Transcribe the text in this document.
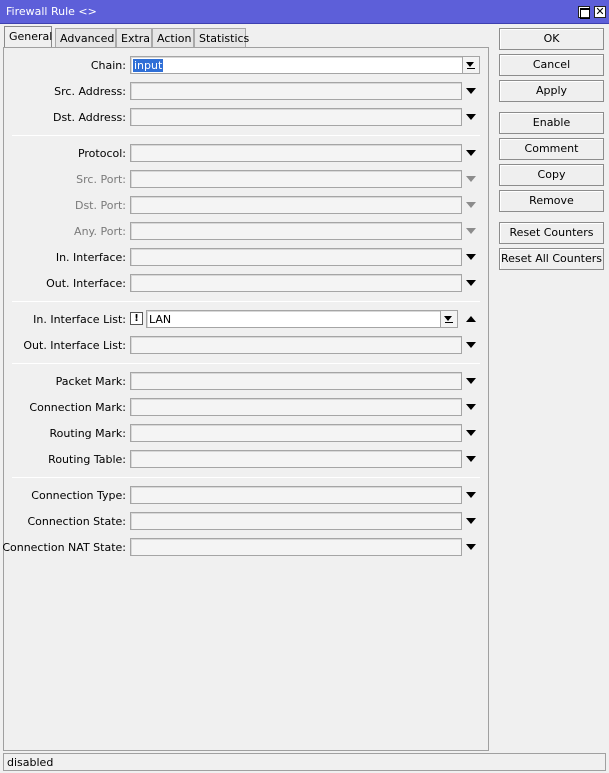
Firewall Rule <>	✕
General Advanced Extra Action Statistics
Chain: input
Src. Address:
Dst. Address:
Protocol:
Src. Port:
Dst. Port:
Any. Port:
In. Interface:
Out. Interface:
In. Interface List: ! LAN
Out. Interface List:
Packet Mark:
Connection Mark:
Routing Mark:
Routing Table:
Connection Type:
Connection State:
Connection NAT State:
OK
Cancel
Apply
Enable
Comment
Copy
Remove
Reset Counters
Reset All Counters
disabled
